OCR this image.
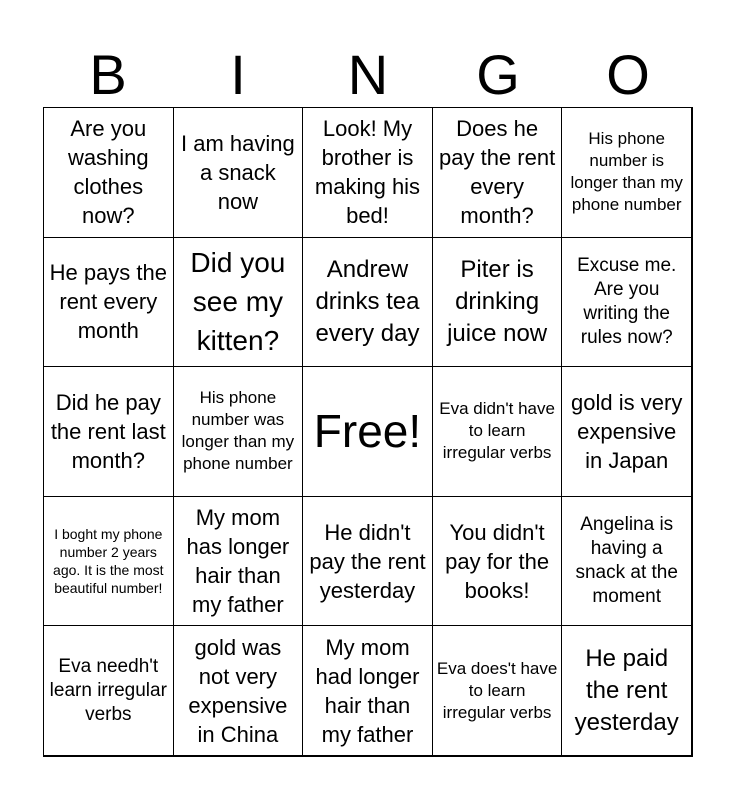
B	I	N	G	O
Are you washing clothes now?
I am having a snack now
Look! My brother is making his bed!
Does he pay the rent every month?
His phone number is longer than my phone number
He pays the rent every month
Did you see my kitten?
Andrew drinks tea every day
Piter is drinking juice now
Excuse me. Are you writing the rules now?
Did he pay the rent last month?
His phone number was longer than my phone number
Free!	Eva didn't have to learn irregular verbs
gold is very expensive in Japan
I boght my phone number 2 years ago. It is the most beautiful number!
My mom has longer hair than my father
He didn't pay the rent yesterday
You didn't pay for the books!
Angelina is having a snack at the moment
Eva needh't learn irregular verbs
gold was not very expensive in China
My mom had longer hair than my father
Eva does't have to learn irregular verbs
He paid the rent yesterday
